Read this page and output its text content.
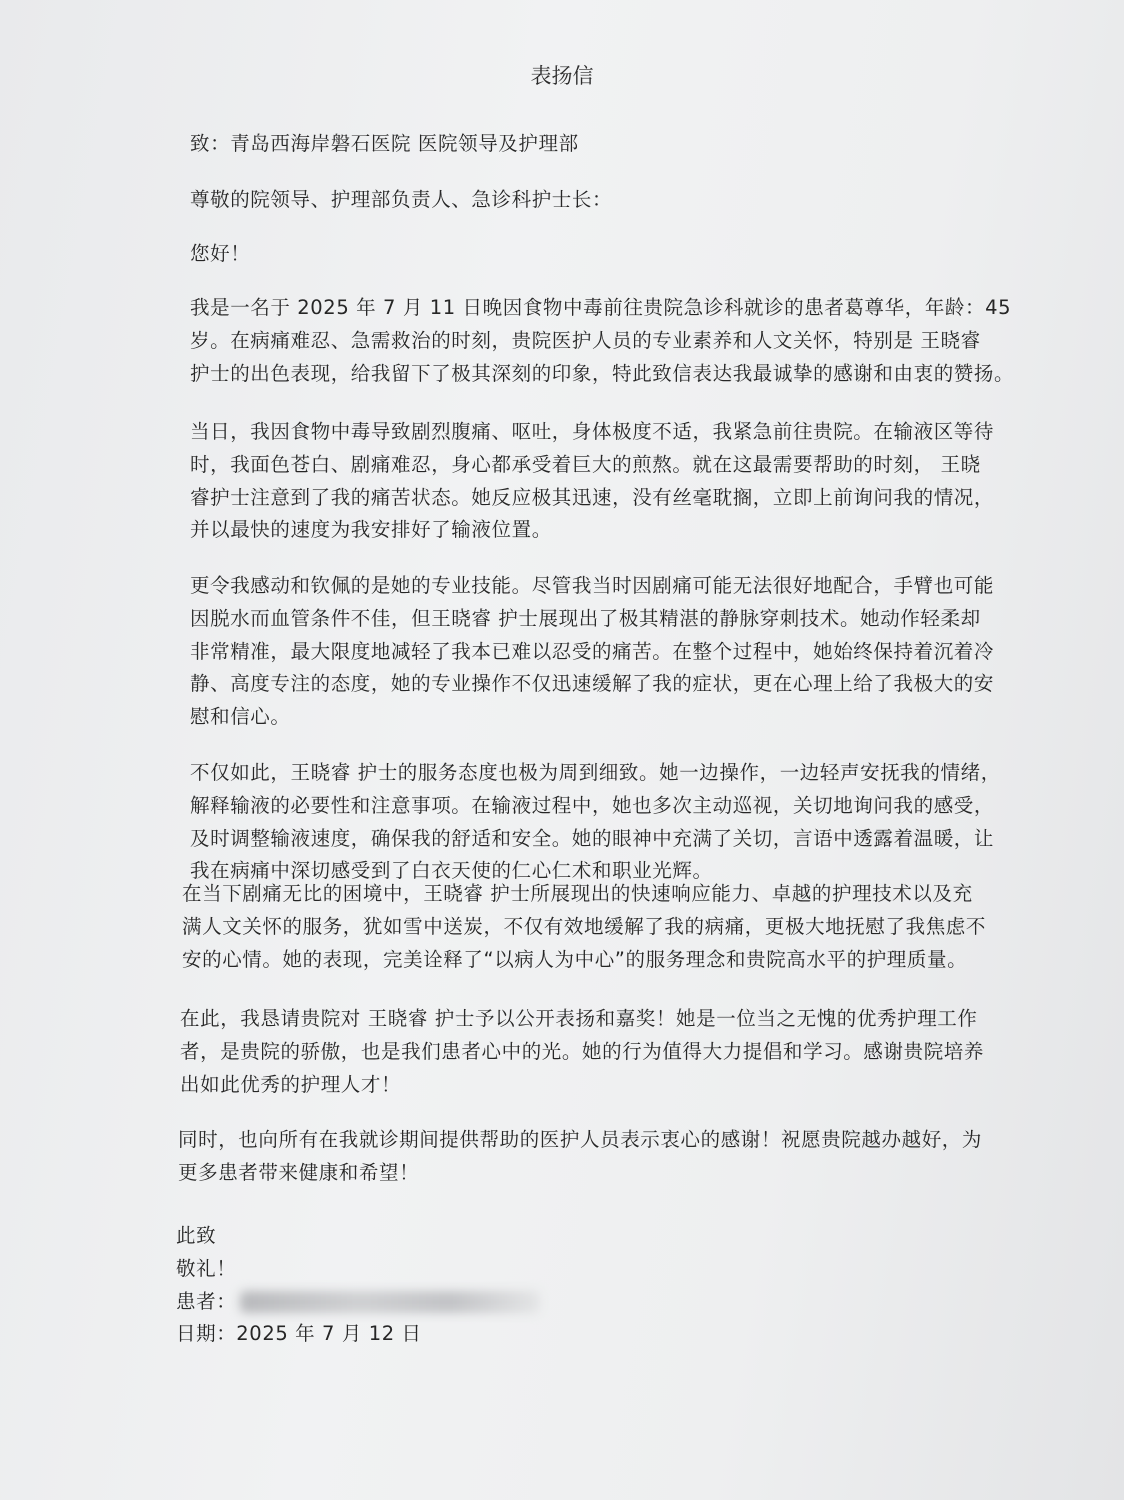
表扬信
致：青岛西海岸磐石医院 医院领导及护理部
尊敬的院领导、护理部负责人、急诊科护士长：
您好！
我是一名于 2025 年 7 月 11 日晚因食物中毒前往贵院急诊科就诊的患者葛尊华，年龄：45
岁。在病痛难忍、急需救治的时刻，贵院医护人员的专业素养和人文关怀，特别是 王晓睿
护士的出色表现，给我留下了极其深刻的印象，特此致信表达我最诚挚的感谢和由衷的赞扬。
当日，我因食物中毒导致剧烈腹痛、呕吐，身体极度不适，我紧急前往贵院。在输液区等待
时，我面色苍白、剧痛难忍，身心都承受着巨大的煎熬。就在这最需要帮助的时刻， 王晓
睿护士注意到了我的痛苦状态。她反应极其迅速，没有丝毫耽搁，立即上前询问我的情况，
并以最快的速度为我安排好了输液位置。
更令我感动和钦佩的是她的专业技能。尽管我当时因剧痛可能无法很好地配合，手臂也可能
因脱水而血管条件不佳，但王晓睿 护士展现出了极其精湛的静脉穿刺技术。她动作轻柔却
非常精准，最大限度地减轻了我本已难以忍受的痛苦。在整个过程中，她始终保持着沉着冷
静、高度专注的态度，她的专业操作不仅迅速缓解了我的症状，更在心理上给了我极大的安
慰和信心。
不仅如此，王晓睿 护士的服务态度也极为周到细致。她一边操作，一边轻声安抚我的情绪，
解释输液的必要性和注意事项。在输液过程中，她也多次主动巡视，关切地询问我的感受，
及时调整输液速度，确保我的舒适和安全。她的眼神中充满了关切，言语中透露着温暖，让
我在病痛中深切感受到了白衣天使的仁心仁术和职业光辉。
在当下剧痛无比的困境中，王晓睿 护士所展现出的快速响应能力、卓越的护理技术以及充
满人文关怀的服务，犹如雪中送炭，不仅有效地缓解了我的病痛，更极大地抚慰了我焦虑不
安的心情。她的表现，完美诠释了“以病人为中心”的服务理念和贵院高水平的护理质量。
在此，我恳请贵院对 王晓睿 护士予以公开表扬和嘉奖！她是一位当之无愧的优秀护理工作
者，是贵院的骄傲，也是我们患者心中的光。她的行为值得大力提倡和学习。感谢贵院培养
出如此优秀的护理人才！
同时，也向所有在我就诊期间提供帮助的医护人员表示衷心的感谢！祝愿贵院越办越好，为
更多患者带来健康和希望！
此致
敬礼！
患者：
日期：2025 年 7 月 12 日
